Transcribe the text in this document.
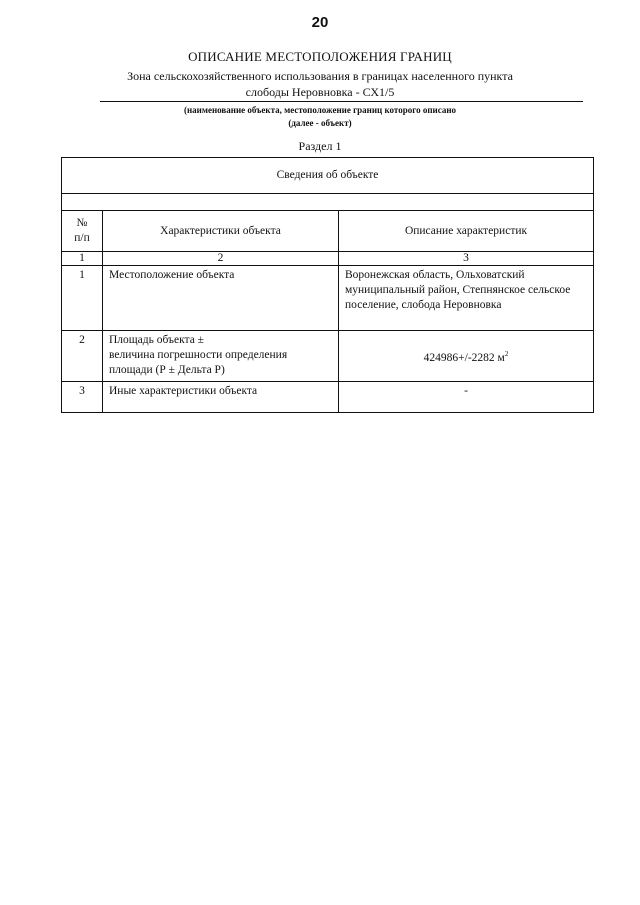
20
ОПИСАНИЕ МЕСТОПОЛОЖЕНИЯ ГРАНИЦ
Зона сельскохозяйственного использования в границах населенного пункта
слободы Неровновка - СХ1/5
(наименование объекта, местоположение границ которого описано
(далее - объект)
Раздел 1
Сведения об объекте		

№
п/п	Характеристики объекта	Описание характеристик
1	2	3
1	Местоположение объекта	Воронежская область, Ольховатский муниципальный район, Степнянское сельское поселение, слобода Неровновка
2	Площадь объекта ±
величина погрешности определения площади (Р ± Дельта Р)	424986+/-2282 $м^2$
3	Иные характеристики объекта	-
